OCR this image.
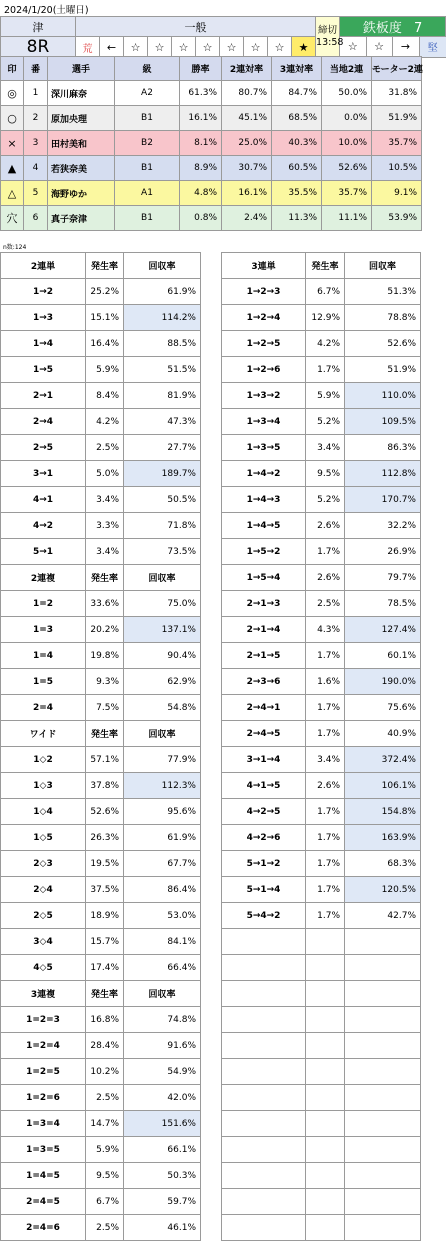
2024/1/20(土曜日)
津	一般	締切
13:58
	鉄板度 7
8R	荒	←	☆	☆	☆	☆	☆	☆	☆	★		☆	☆	→	堅
印	番	選手	級	勝率	2連対率	3連対率	当地2連	モーター2連
◎	1	深川麻奈	A2	61.3%	80.7%	84.7%	50.0%	31.8%
○	2	原加央理	B1	16.1%	45.1%	68.5%	0.0%	51.9%
×	3	田村美和	B2	8.1%	25.0%	40.3%	10.0%	35.7%
▲	4	若狭奈美	B1	8.9%	30.7%	60.5%	52.6%	10.5%
△	5	海野ゆか	A1	4.8%	16.1%	35.5%	35.7%	9.1%
穴	6	真子奈津	B1	0.8%	2.4%	11.3%	11.1%	53.9%
n数:124
2連単	発生率	回収率
1→2	25.2%	61.9%
1→3	15.1%	114.2%
1→4	16.4%	88.5%
1→5	5.9%	51.5%
2→1	8.4%	81.9%
2→4	4.2%	47.3%
2→5	2.5%	27.7%
3→1	5.0%	189.7%
4→1	3.4%	50.5%
4→2	3.3%	71.8%
5→1	3.4%	73.5%
2連複	発生率	回収率
1=2	33.6%	75.0%
1=3	20.2%	137.1%
1=4	19.8%	90.4%
1=5	9.3%	62.9%
2=4	7.5%	54.8%
ワイド	発生率	回収率
1◇2	57.1%	77.9%
1◇3	37.8%	112.3%
1◇4	52.6%	95.6%
1◇5	26.3%	61.9%
2◇3	19.5%	67.7%
2◇4	37.5%	86.4%
2◇5	18.9%	53.0%
3◇4	15.7%	84.1%
4◇5	17.4%	66.4%
3連複	発生率	回収率
1=2=3	16.8%	74.8%
1=2=4	28.4%	91.6%
1=2=5	10.2%	54.9%
1=2=6	2.5%	42.0%
1=3=4	14.7%	151.6%
1=3=5	5.9%	66.1%
1=4=5	9.5%	50.3%
2=4=5	6.7%	59.7%
2=4=6	2.5%	46.1%
3連単	発生率	回収率
1→2→3	6.7%	51.3%
1→2→4	12.9%	78.8%
1→2→5	4.2%	52.6%
1→2→6	1.7%	51.9%
1→3→2	5.9%	110.0%
1→3→4	5.2%	109.5%
1→3→5	3.4%	86.3%
1→4→2	9.5%	112.8%
1→4→3	5.2%	170.7%
1→4→5	2.6%	32.2%
1→5→2	1.7%	26.9%
1→5→4	2.6%	79.7%
2→1→3	2.5%	78.5%
2→1→4	4.3%	127.4%
2→1→5	1.7%	60.1%
2→3→6	1.6%	190.0%
2→4→1	1.7%	75.6%
2→4→5	1.7%	40.9%
3→1→4	3.4%	372.4%
4→1→5	2.6%	106.1%
4→2→5	1.7%	154.8%
4→2→6	1.7%	163.9%
5→1→2	1.7%	68.3%
5→1→4	1.7%	120.5%
5→4→2	1.7%	42.7%
